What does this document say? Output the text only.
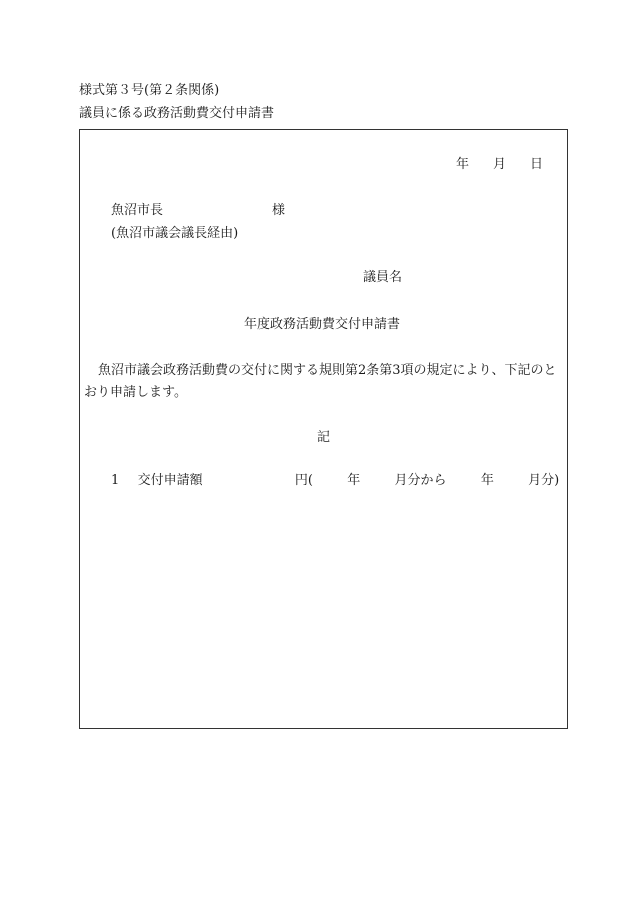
様式第３号(第２条関係)
議員に係る政務活動費交付申請書
年 月 日
魚沼市長	様
(魚沼市議会議長経由)
議員名
年度政務活動費交付申請書

魚沼市議会政務活動費の交付に関する規則第2条第3項の規定により、下記のとおり申請します。

記
1 交付申請額	円(	年	月分から	年	月分)
